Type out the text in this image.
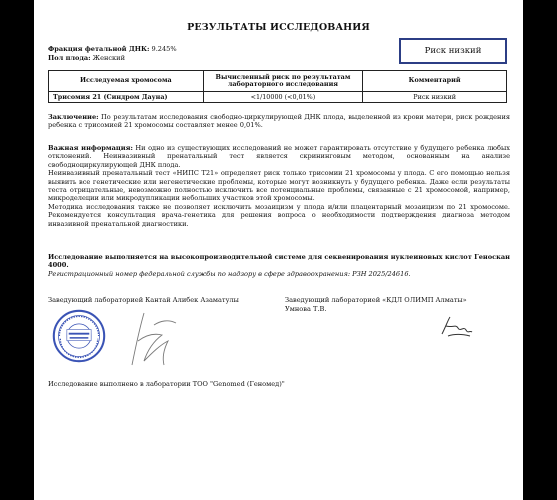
РЕЗУЛЬТАТЫ ИССЛЕДОВАНИЯ
Фракция фетальной ДНК: 9.245%
Пол плода: Женский
Риск низкий
Исследуемая хромосома	Вычисленный риск по результатам лабораторного исследования	Комментарий
Трисомия 21 (Синдром Дауна)	<1/10000 (<0,01%)	Риск низкий

Заключение: По результатам исследования свободно-циркулирующей ДНК плода, выделенной из крови матери, риск рождения ребенка с трисомией 21 хромосомы составляет менее 0,01%.

Важная информация: Ни одно из существующих исследований не может гарантировать отсутствие у будущего ребенка любых отклонений. Неинвазивный пренатальный тест является скрининговым методом, основанным на анализе свободноциркулирующей ДНК плода.

Неинвазивный пренатальный тест «НИПС Т21» определяет риск только трисомии 21 хромосомы у плода. С его помощью нельзя выявить все генетические или негенетические проблемы, которые могут возникнуть у будущего ребенка. Даже если результаты теста отрицательные, невозможно полностью исключить все потенциальные проблемы, связанные с 21 хромосомой, например, микроделеции или микродупликации небольших участков этой хромосомы.

Методика исследования также не позволяет исключить мозаицизм у плода и/или плацентарный мозаицизм по 21 хромосоме. Рекомендуется консультация врача-генетика для решения вопроса о необходимости подтверждения диагноза методом инвазивной пренатальной диагностики.

Исследование выполняется на высокопроизводительной системе для секвенирования нуклеиновых кислот Геноскан 4000.

Регистрационный номер федеральной службы по надзору в сфере здравоохранения: РЗН 2025/24616.

Заведующий лабораторией Кантай Алибек Азаматулы	Заведующий лабораторией «КДЛ ОЛИМП Алматы»
Умнова Т.В.
Исследование выполнено в лаборатории ТОО "Genomed (Геномед)"
